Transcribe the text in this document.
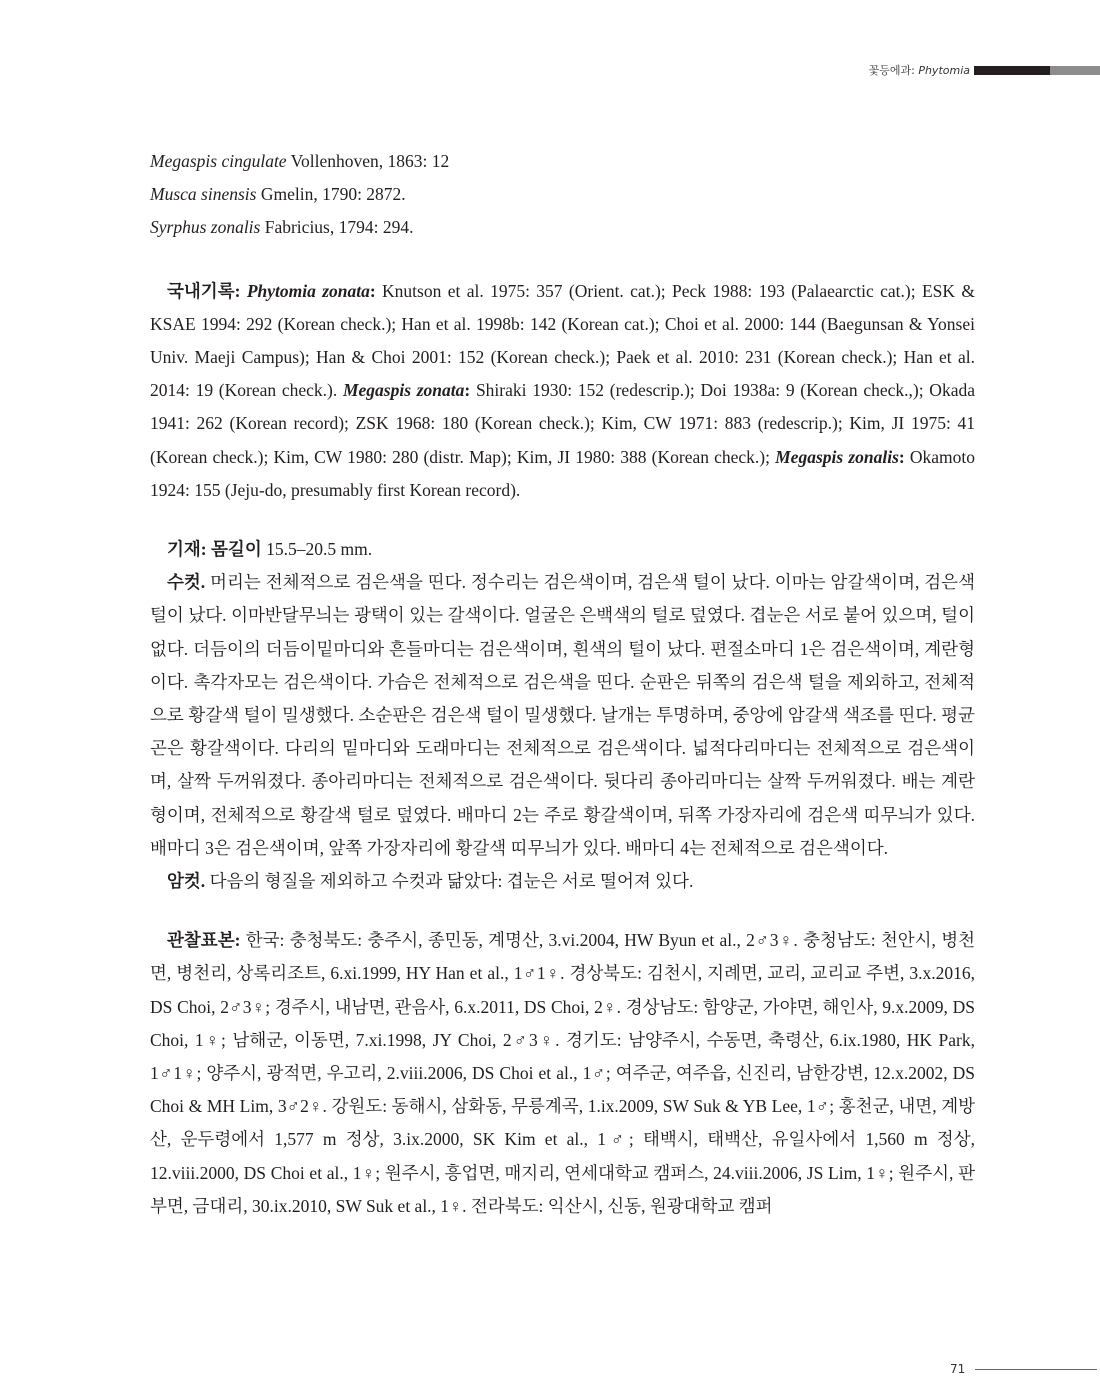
꽃등에과: Phytomia

Megaspis cingulate Vollenhoven, 1863: 12

Musca sinensis Gmelin, 1790: 2872.

Syrphus zonalis Fabricius, 1794: 294.

국내기록: Phytomia zonata: Knutson et al. 1975: 357 (Orient. cat.); Peck 1988: 193 (Palaearctic cat.); ESK & KSAE 1994: 292 (Korean check.); Han et al. 1998b: 142 (Korean cat.); Choi et al. 2000: 144 (Baegunsan & Yonsei Univ. Maeji Campus); Han & Choi 2001: 152 (Korean check.); Paek et al. 2010: 231 (Korean check.); Han et al. 2014: 19 (Korean check.). Megaspis zonata: Shiraki 1930: 152 (redescrip.); Doi 1938a: 9 (Korean check.,); Okada 1941: 262 (Korean record); ZSK 1968: 180 (Korean check.); Kim, CW 1971: 883 (redescrip.); Kim, JI 1975: 41 (Korean check.); Kim, CW 1980: 280 (distr. Map); Kim, JI 1980: 388 (Korean check.); Megaspis zonalis: Okamoto 1924: 155 (Jeju-do, presumably first Korean record).

기재: 몸길이 15.5–20.5 mm.

수컷. 머리는 전체적으로 검은색을 띤다. 정수리는 검은색이며, 검은색 털이 났다. 이마는 암갈색이며, 검은색 털이 났다. 이마반달무늬는 광택이 있는 갈색이다. 얼굴은 은백색의 털로 덮였다. 겹눈은 서로 붙어 있으며, 털이 없다. 더듬이의 더듬이밑마디와 흔들마디는 검은색이며, 흰색의 털이 났다. 편절소마디 1은 검은색이며, 계란형이다. 촉각자모는 검은색이다. 가슴은 전체적으로 검은색을 띤다. 순판은 뒤쪽의 검은색 털을 제외하고, 전체적으로 황갈색 털이 밀생했다. 소순판은 검은색 털이 밀생했다. 날개는 투명하며, 중앙에 암갈색 색조를 띤다. 평균곤은 황갈색이다. 다리의 밑마디와 도래마디는 전체적으로 검은색이다. 넓적다리마디는 전체적으로 검은색이며, 살짝 두꺼워졌다. 종아리마디는 전체적으로 검은색이다. 뒷다리 종아리마디는 살짝 두꺼워졌다. 배는 계란형이며, 전체적으로 황갈색 털로 덮였다. 배마디 2는 주로 황갈색이며, 뒤쪽 가장자리에 검은색 띠무늬가 있다. 배마디 3은 검은색이며, 앞쪽 가장자리에 황갈색 띠무늬가 있다. 배마디 4는 전체적으로 검은색이다.

암컷. 다음의 형질을 제외하고 수컷과 닮았다: 겹눈은 서로 떨어져 있다.

관찰표본: 한국: 충청북도: 충주시, 종민동, 계명산, 3.vi.2004, HW Byun et al., 2♂3♀. 충청남도: 천안시, 병천면, 병천리, 상록리조트, 6.xi.1999, HY Han et al., 1♂1♀. 경상북도: 김천시, 지례면, 교리, 교리교 주변, 3.x.2016, DS Choi, 2♂3♀; 경주시, 내남면, 관음사, 6.x.2011, DS Choi, 2♀. 경상남도: 함양군, 가야면, 해인사, 9.x.2009, DS Choi, 1♀; 남해군, 이동면, 7.xi.1998, JY Choi, 2♂3♀. 경기도: 남양주시, 수동면, 축령산, 6.ix.1980, HK Park, 1♂1♀; 양주시, 광적면, 우고리, 2.viii.2006, DS Choi et al., 1♂; 여주군, 여주읍, 신진리, 남한강변, 12.x.2002, DS Choi & MH Lim, 3♂2♀. 강원도: 동해시, 삼화동, 무릉계곡, 1.ix.2009, SW Suk & YB Lee, 1♂; 홍천군, 내면, 계방산, 운두령에서 1,577 m 정상, 3.ix.2000, SK Kim et al., 1♂; 태백시, 태백산, 유일사에서 1,560 m 정상, 12.viii.2000, DS Choi et al., 1♀; 원주시, 흥업면, 매지리, 연세대학교 캠퍼스, 24.viii.2006, JS Lim, 1♀; 원주시, 판부면, 금대리, 30.ix.2010, SW Suk et al., 1♀. 전라북도: 익산시, 신동, 원광대학교 캠퍼

71
